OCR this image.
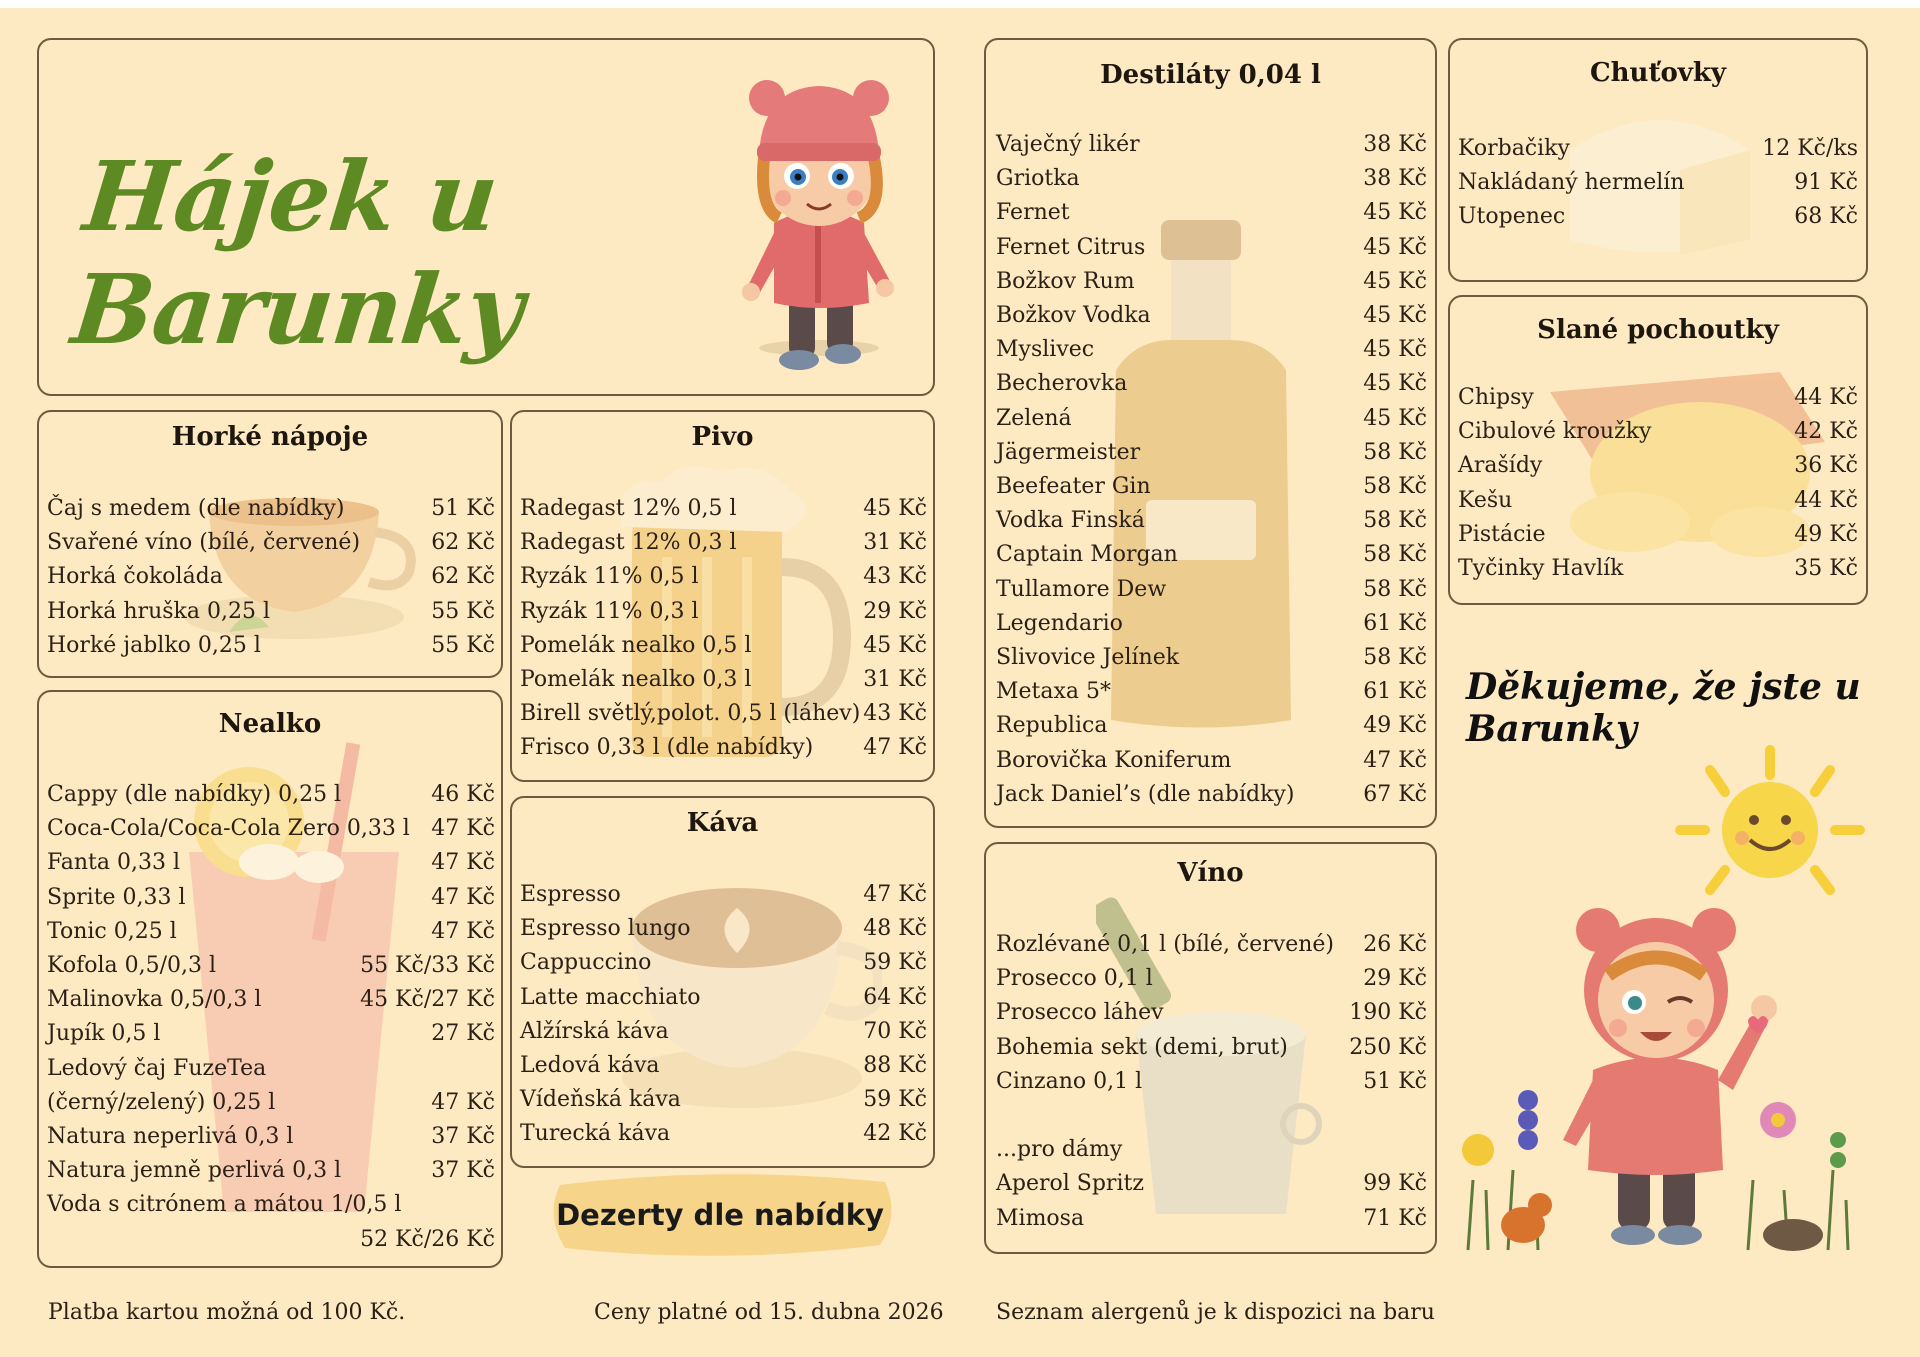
Hájek u Barunky
Horké nápoje
Čaj s medem (dle nabídky)	51 Kč
Svařené víno (bílé, červené)	62 Kč
Horká čokoláda	62 Kč
Horká hruška 0,25 l	55 Kč
Horké jablko 0,25 l	55 Kč
Pivo
Radegast 12% 0,5 l	45 Kč
Radegast 12% 0,3 l	31 Kč
Ryzák 11% 0,5 l	43 Kč
Ryzák 11% 0,3 l	29 Kč
Pomelák nealko 0,5 l	45 Kč
Pomelák nealko 0,3 l	31 Kč
Birell světlý,polot. 0,5 l (láhev) 43 Kč
Frisco 0,33 l (dle nabídky) 47 Kč
Nealko
Cappy (dle nabídky) 0,25 l	46 Kč
Coca-Cola/Coca-Cola Zero 0,33 l 47 Kč
Fanta 0,33 l	47 Kč
Sprite 0,33 l	47 Kč
Tonic 0,25 l	47 Kč
Kofola 0,5/0,3 l	55 Kč/33 Kč
Malinovka 0,5/0,3 l	45 Kč/27 Kč
Jupík 0,5 l	27 Kč
Ledový čaj FuzeTea
(černý/zelený) 0,25 l	47 Kč
Natura neperlivá 0,3 l	37 Kč
Natura jemně perlivá 0,3 l	37 Kč
Voda s citrónem a mátou 1/0,5 l
52 Kč/26 Kč
Káva
Espresso	47 Kč
Espresso lungo	48 Kč
Cappuccino	59 Kč
Latte macchiato	64 Kč
Alžírská káva	70 Kč
Ledová káva	88 Kč
Vídeňská káva	59 Kč
Turecká káva	42 Kč
Dezerty dle nabídky
Destiláty 0,04 l
Vaječný likér	38 Kč
Griotka	38 Kč
Fernet	45 Kč
Fernet Citrus	45 Kč
Božkov Rum	45 Kč
Božkov Vodka	45 Kč
Myslivec	45 Kč
Becherovka	45 Kč
Zelená	45 Kč
Jägermeister	58 Kč
Beefeater Gin	58 Kč
Vodka Finská	58 Kč
Captain Morgan	58 Kč
Tullamore Dew	58 Kč
Legendario	61 Kč
Slivovice Jelínek	58 Kč
Metaxa 5*	61 Kč
Republica	49 Kč
Borovička Koniferum	47 Kč
Jack Daniel’s (dle nabídky)	67 Kč
Víno
Rozlévané 0,1 l (bílé, červené) 26 Kč
Prosecco 0,1 l	29 Kč
Prosecco láhev	190 Kč
Bohemia sekt (demi, brut)	250 Kč
Cinzano 0,1 l	51 Kč
...pro dámy
Aperol Spritz	99 Kč
Mimosa	71 Kč
Chuťovky
Korbačiky	12 Kč/ks
Nakládaný hermelín	91 Kč
Utopenec	68 Kč
Slané pochoutky
Chipsy	44 Kč
Cibulové kroužky	42 Kč
Arašídy	36 Kč
Kešu	44 Kč
Pistácie	49 Kč
Tyčinky Havlík	35 Kč
Děkujeme, že jste u Barunky
Platba kartou možná od 100 Kč.	Ceny platné od 15. dubna 2026 Seznam alergenů je k dispozici na baru
